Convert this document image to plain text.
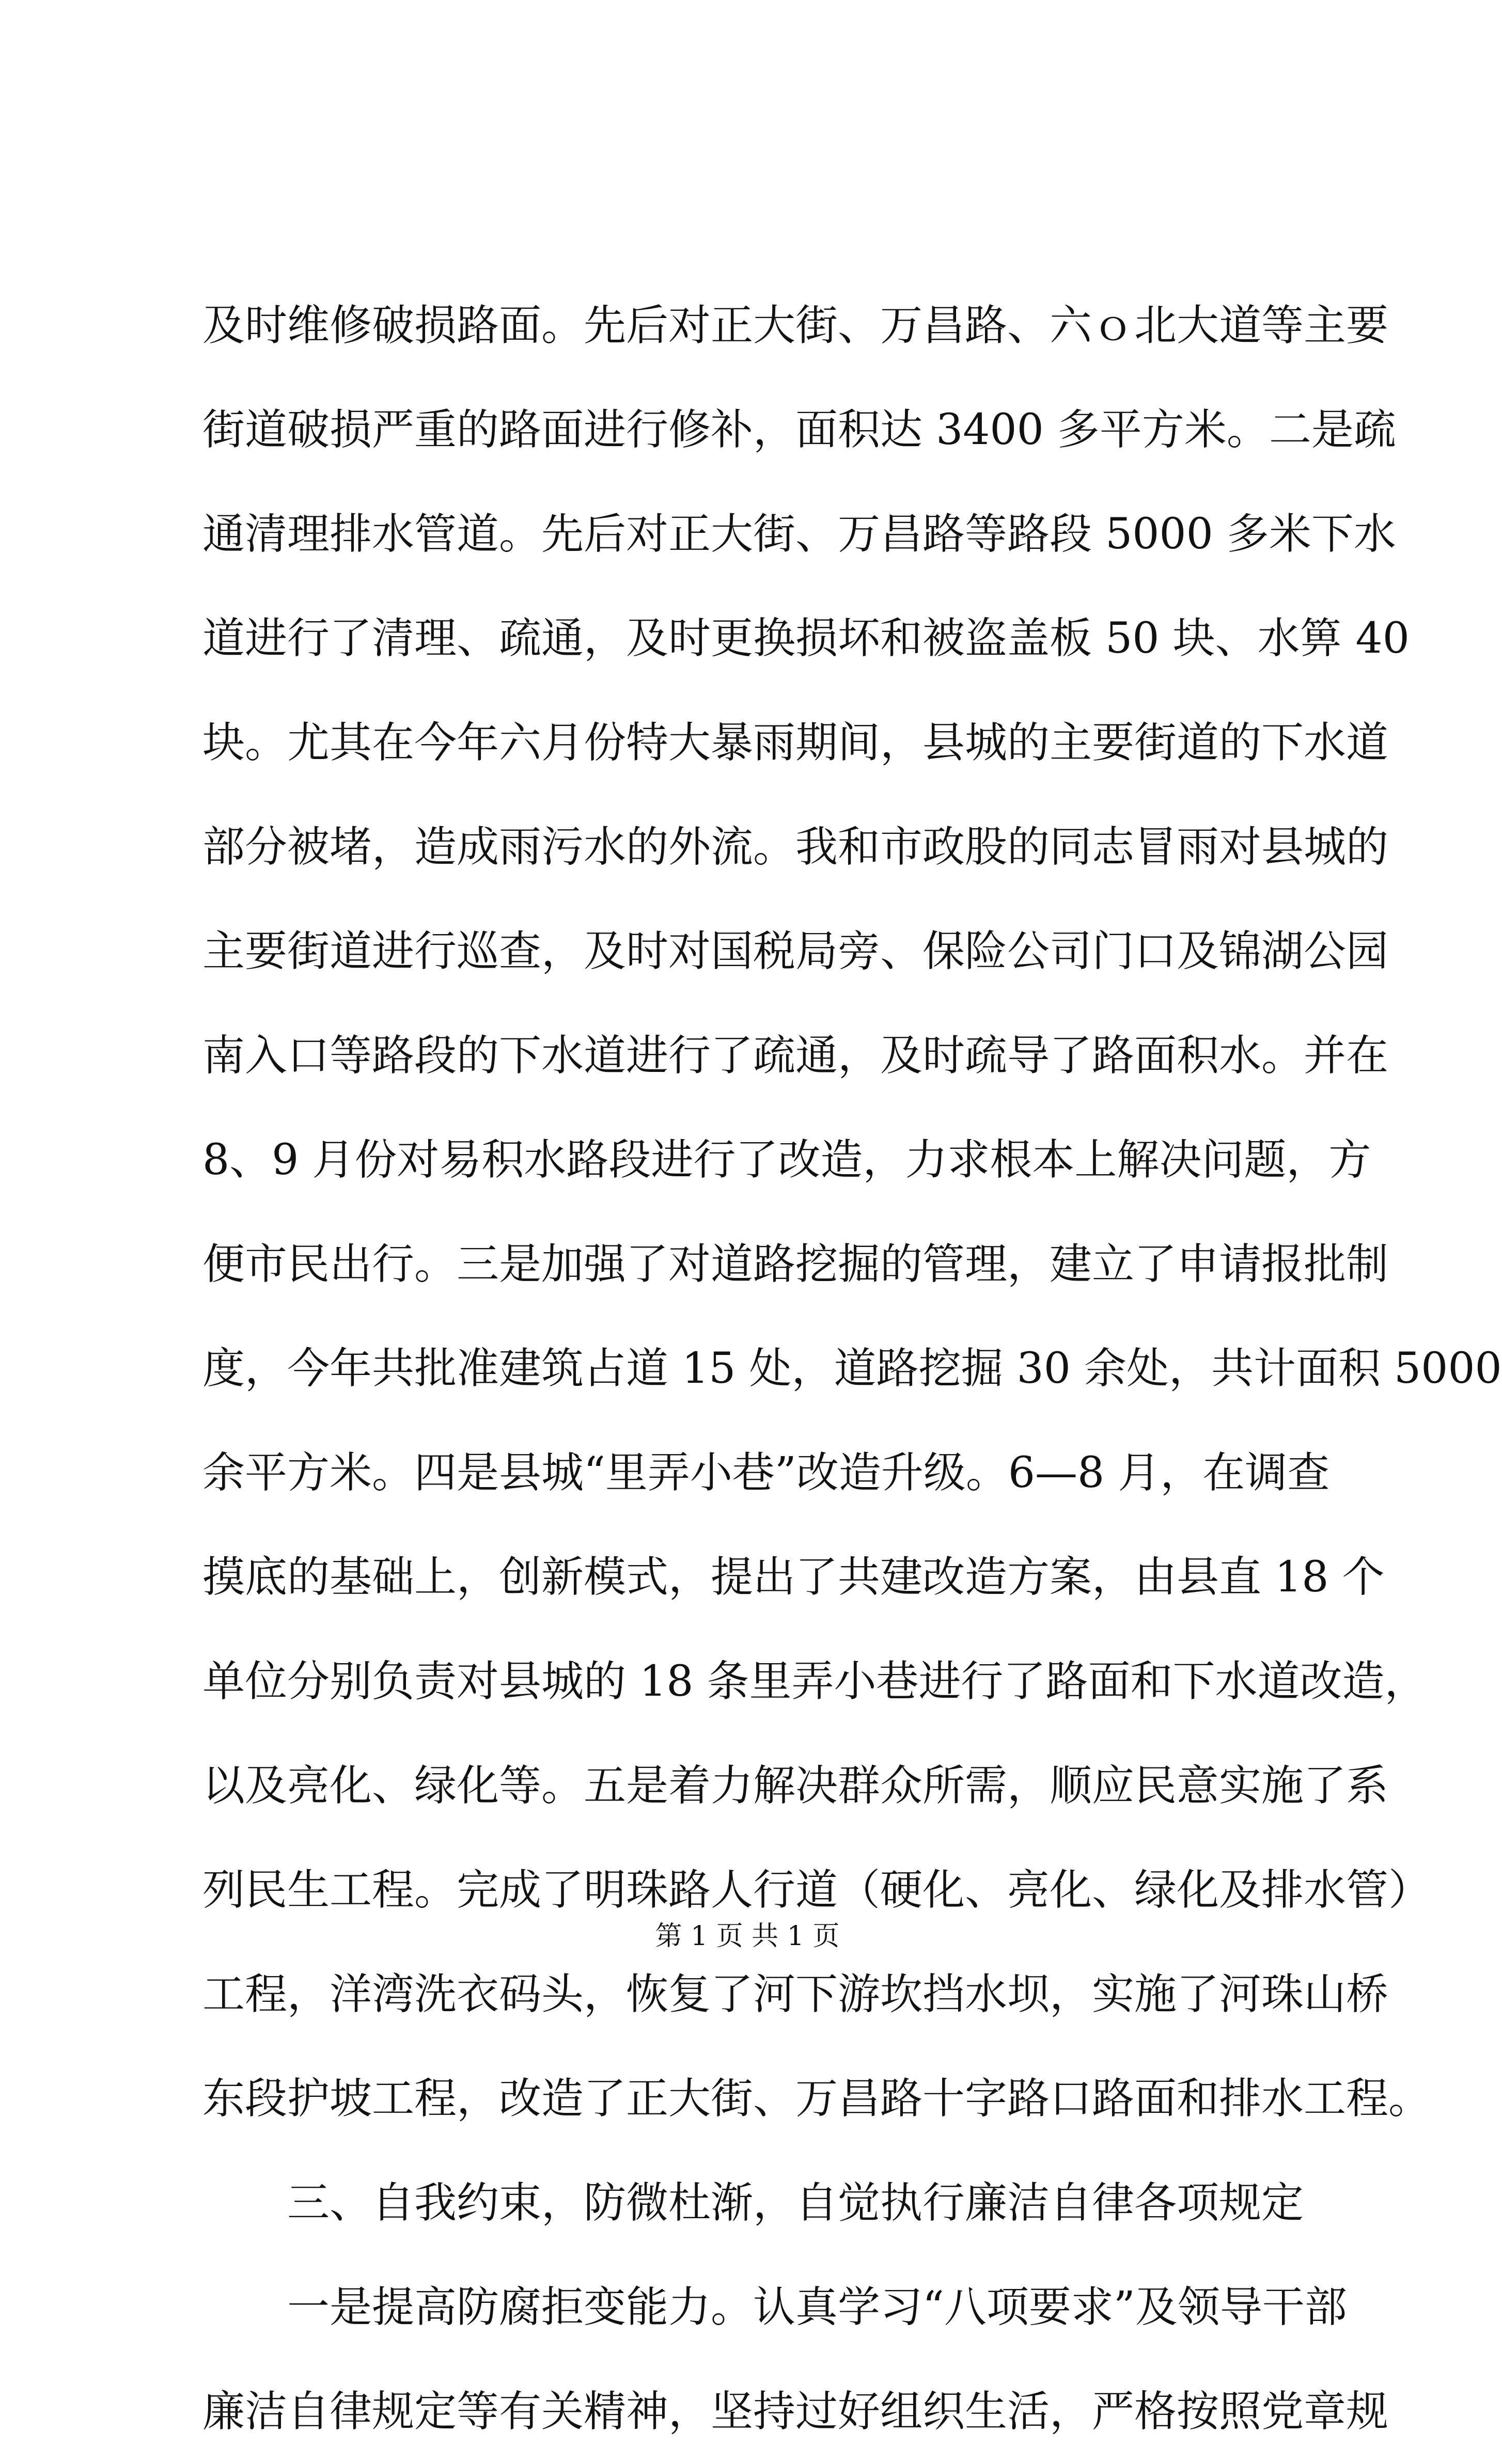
及时维修破损路面。先后对正大街、万昌路、六ｏ北大道等主要
街道破损严重的路面进行修补，面积达 3400 多平方米。二是疏
通清理排水管道。先后对正大街、万昌路等路段 5000 多米下水
道进行了清理、疏通，及时更换损坏和被盗盖板 50 块、水箅 40
块。尤其在今年六月份特大暴雨期间，县城的主要街道的下水道
部分被堵，造成雨污水的外流。我和市政股的同志冒雨对县城的
主要街道进行巡查，及时对国税局旁、保险公司门口及锦湖公园
南入口等路段的下水道进行了疏通，及时疏导了路面积水。并在
8、9 月份对易积水路段进行了改造，力求根本上解决问题，方
便市民出行。三是加强了对道路挖掘的管理，建立了申请报批制
度，今年共批准建筑占道 15 处，道路挖掘 30 余处，共计面积 5000
余平方米。四是县城“里弄小巷”改造升级。6—8 月，在调查
摸底的基础上，创新模式，提出了共建改造方案，由县直 18 个
单位分别负责对县城的 18 条里弄小巷进行了路面和下水道改造，
以及亮化、绿化等。五是着力解决群众所需，顺应民意实施了系
列民生工程。完成了明珠路人行道（硬化、亮化、绿化及排水管）
工程，洋湾洗衣码头，恢复了河下游坎挡水坝，实施了河珠山桥
东段护坡工程，改造了正大街、万昌路十字路口路面和排水工程。
三、自我约束，防微杜渐，自觉执行廉洁自律各项规定
一是提高防腐拒变能力。认真学习“八项要求”及领导干部
廉洁自律规定等有关精神，坚持过好组织生活，严格按照党章规
第 1 页 共 1 页
